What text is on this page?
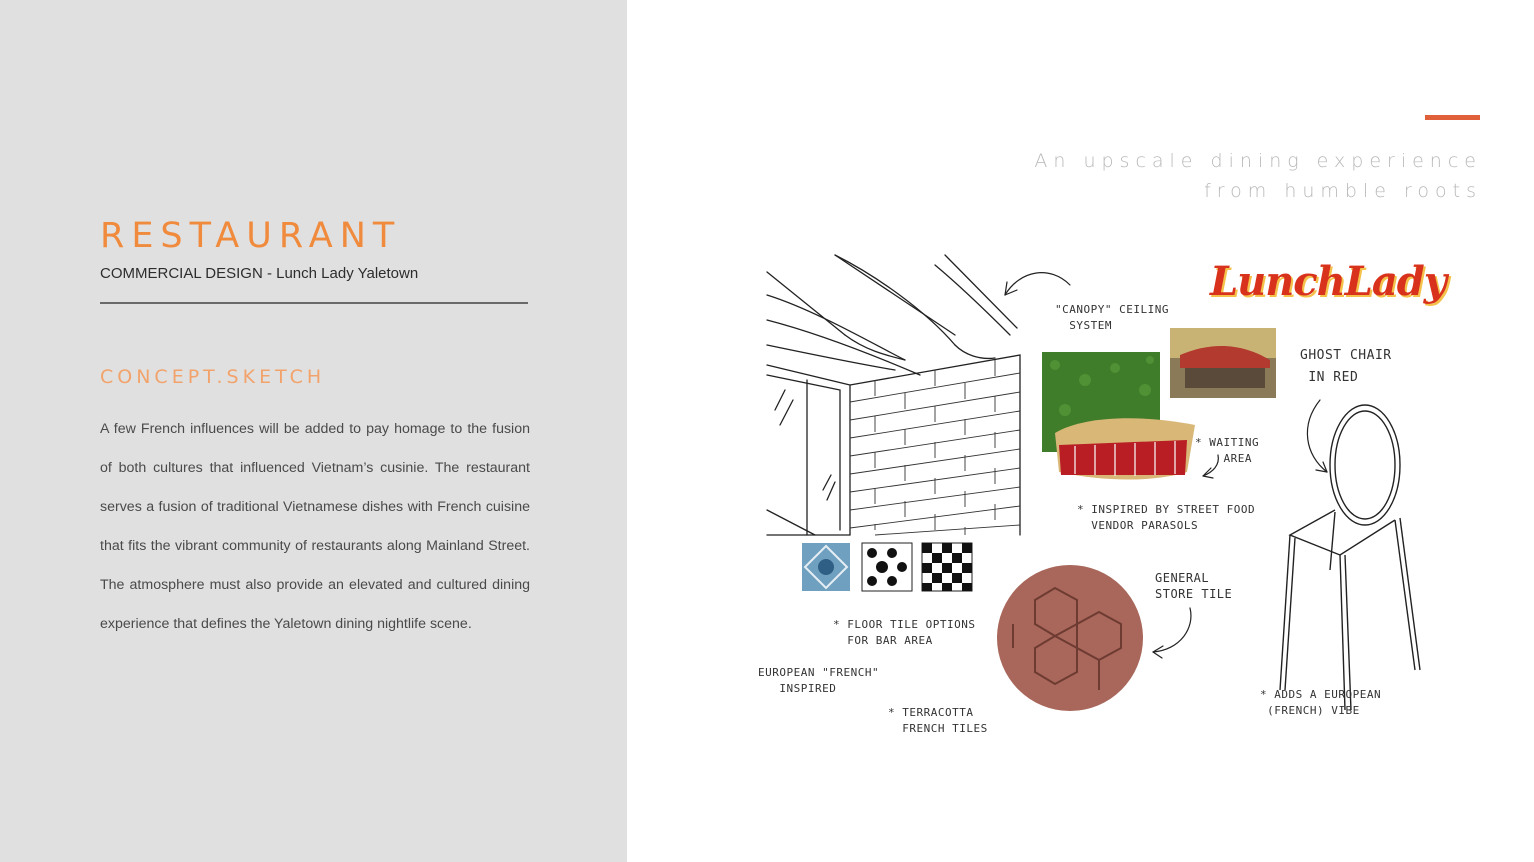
RESTAURANT
COMMERCIAL DESIGN - Lunch Lady Yaletown
CONCEPT.SKETCH

A few French influences will be added to pay homage to the fusion of both cultures that influenced Vietnam’s cusinie. The restaurant serves a fusion of traditional Vietnamese dishes with French cuisine that fits the vibrant community of restaurants along Mainland Street. The atmosphere must also provide an elevated and cultured dining experience that defines the Yaletown dining nightlife scene.

An upscale dining experience
from humble roots
LunchLady
"CANOPY" CEILING
SYSTEM
GHOST CHAIR
IN RED
* WAITING
AREA
* INSPIRED BY STREET FOOD
VENDOR PARASOLS
GENERAL
STORE TILE
* FLOOR TILE OPTIONS
FOR BAR AREA
EUROPEAN "FRENCH"
INSPIRED
* TERRACOTTA
FRENCH TILES
* ADDS A EUROPEAN
(FRENCH) VIBE
